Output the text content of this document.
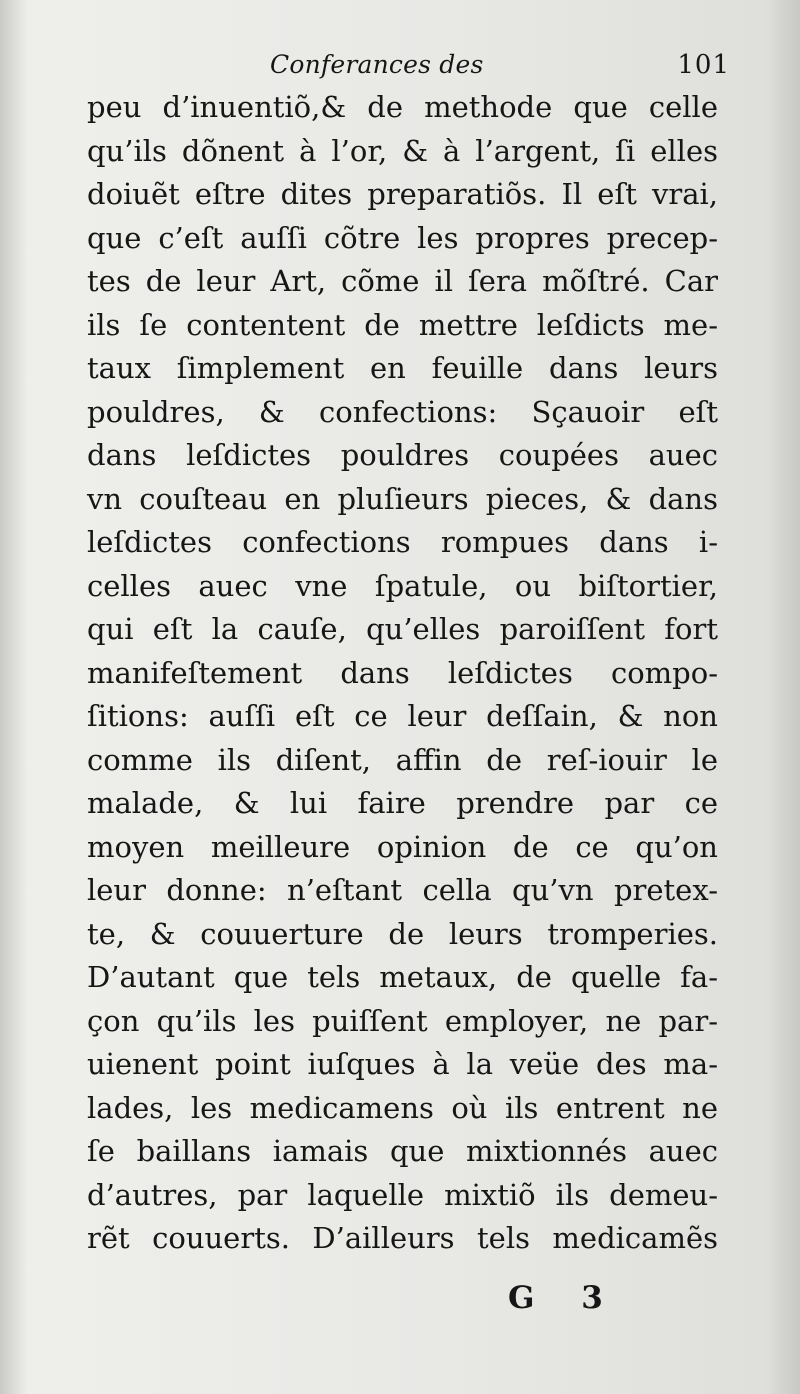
Conferances des	101
peu d’inuentiõ,& de methode que celle
qu’ils dõnent à l’or, & à l’argent, ſi elles
doiuẽt eſtre dites preparatiõs. Il eſt vrai,
que c’eſt auſſi cõtre les propres precep-
tes de leur Art, cõme il ſera mõſtré. Car
ils ſe contentent de mettre leſdicts me-
taux ſimplement en feuille dans leurs
pouldres, & confections: Sçauoir eſt
dans leſdictes pouldres coupées auec
vn couſteau en pluſieurs pieces, & dans
leſdictes confections rompues dans i-
celles auec vne ſpatule, ou biſtortier,
qui eſt la cauſe, qu’elles paroiſſent fort
manifeſtement dans leſdictes compo-
ſitions: auſſi eſt ce leur deſſain, & non
comme ils diſent, affin de reſ-iouir le
malade, & lui faire prendre par ce
moyen meilleure opinion de ce qu’on
leur donne: n’eſtant cella qu’vn pretex-
te, & couuerture de leurs tromperies.
D’autant que tels metaux, de quelle fa-
çon qu’ils les puiſſent employer, ne par-
uienent point iuſques à la veüe des ma-
lades, les medicamens où ils entrent ne
ſe baillans iamais que mixtionnés auec
d’autres, par laquelle mixtiõ ils demeu-
rẽt couuerts. D’ailleurs tels medicamẽs
G 3
